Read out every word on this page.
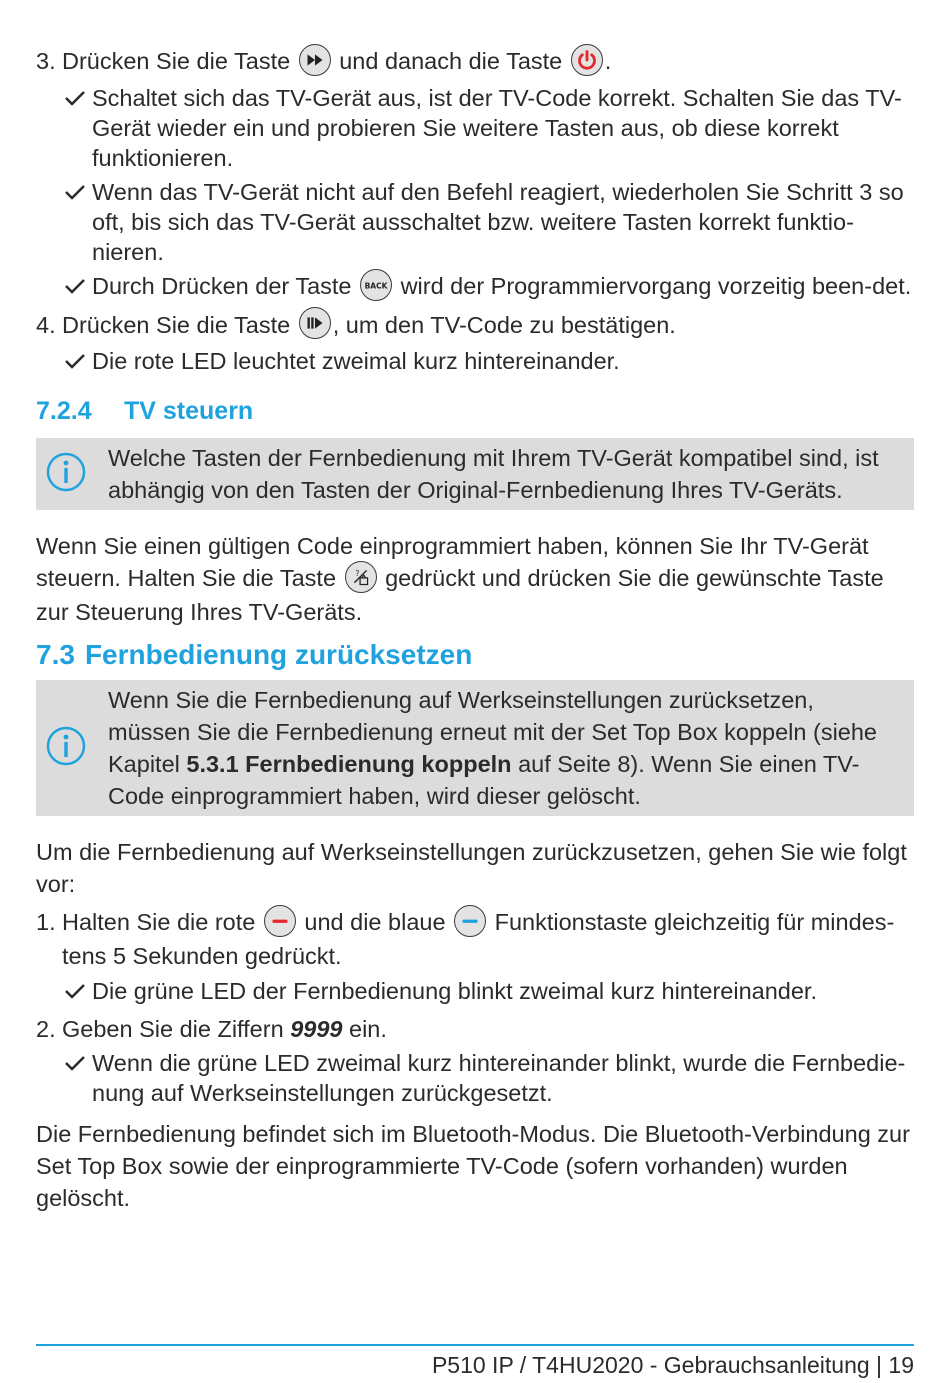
3. Drücken Sie die Taste und danach die Taste .

Schaltet sich das TV-Gerät aus, ist der TV-Code korrekt. Schalten Sie das TV-Gerät wieder ein und probieren Sie weitere Tasten aus, ob diese korrekt funktionieren.

Wenn das TV-Gerät nicht auf den Befehl reagiert, wiederholen Sie Schritt 3 so oft, bis sich das TV-Gerät ausschaltet bzw. weitere Tasten korrekt funktio-nieren.

Durch Drücken der Taste BACK wird der Programmiervorgang vorzeitig been-det.

4. Drücken Sie die Taste , um den TV-Code zu bestätigen.

Die rote LED leuchtet zweimal kurz hintereinander.

7.2.4 TV steuern
Welche Tasten der Fernbedienung mit Ihrem TV-Gerät kompatibel sind, ist abhängig von den Tasten der Original-Fernbedienung Ihres TV-Geräts.

Wenn Sie einen gültigen Code einprogrammiert haben, können Sie Ihr TV-Gerät steuern. Halten Sie die Taste ? gedrückt und drücken Sie die gewünschte Taste zur Steuerung Ihres TV-Geräts.

7.3 Fernbedienung zurücksetzen
Wenn Sie die Fernbedienung auf Werkseinstellungen zurücksetzen, müssen Sie die Fernbedienung erneut mit der Set Top Box koppeln (siehe Kapitel 5.3.1 Fernbedienung koppeln auf Seite 8). Wenn Sie einen TV-Code einprogrammiert haben, wird dieser gelöscht.

Um die Fernbedienung auf Werkseinstellungen zurückzusetzen, gehen Sie wie folgt vor:

1. Halten Sie die rote und die blaue Funktionstaste gleichzeitig für mindes-tens 5 Sekunden gedrückt.

Die grüne LED der Fernbedienung blinkt zweimal kurz hintereinander.

2. Geben Sie die Ziffern 9999 ein.

Wenn die grüne LED zweimal kurz hintereinander blinkt, wurde die Fernbedie-nung auf Werkseinstellungen zurückgesetzt.

Die Fernbedienung befindet sich im Bluetooth-Modus. Die Bluetooth-Verbindung zur Set Top Box sowie der einprogrammierte TV-Code (sofern vorhanden) wurden gelöscht.

P510 IP / T4HU2020 - Gebrauchsanleitung | 19
